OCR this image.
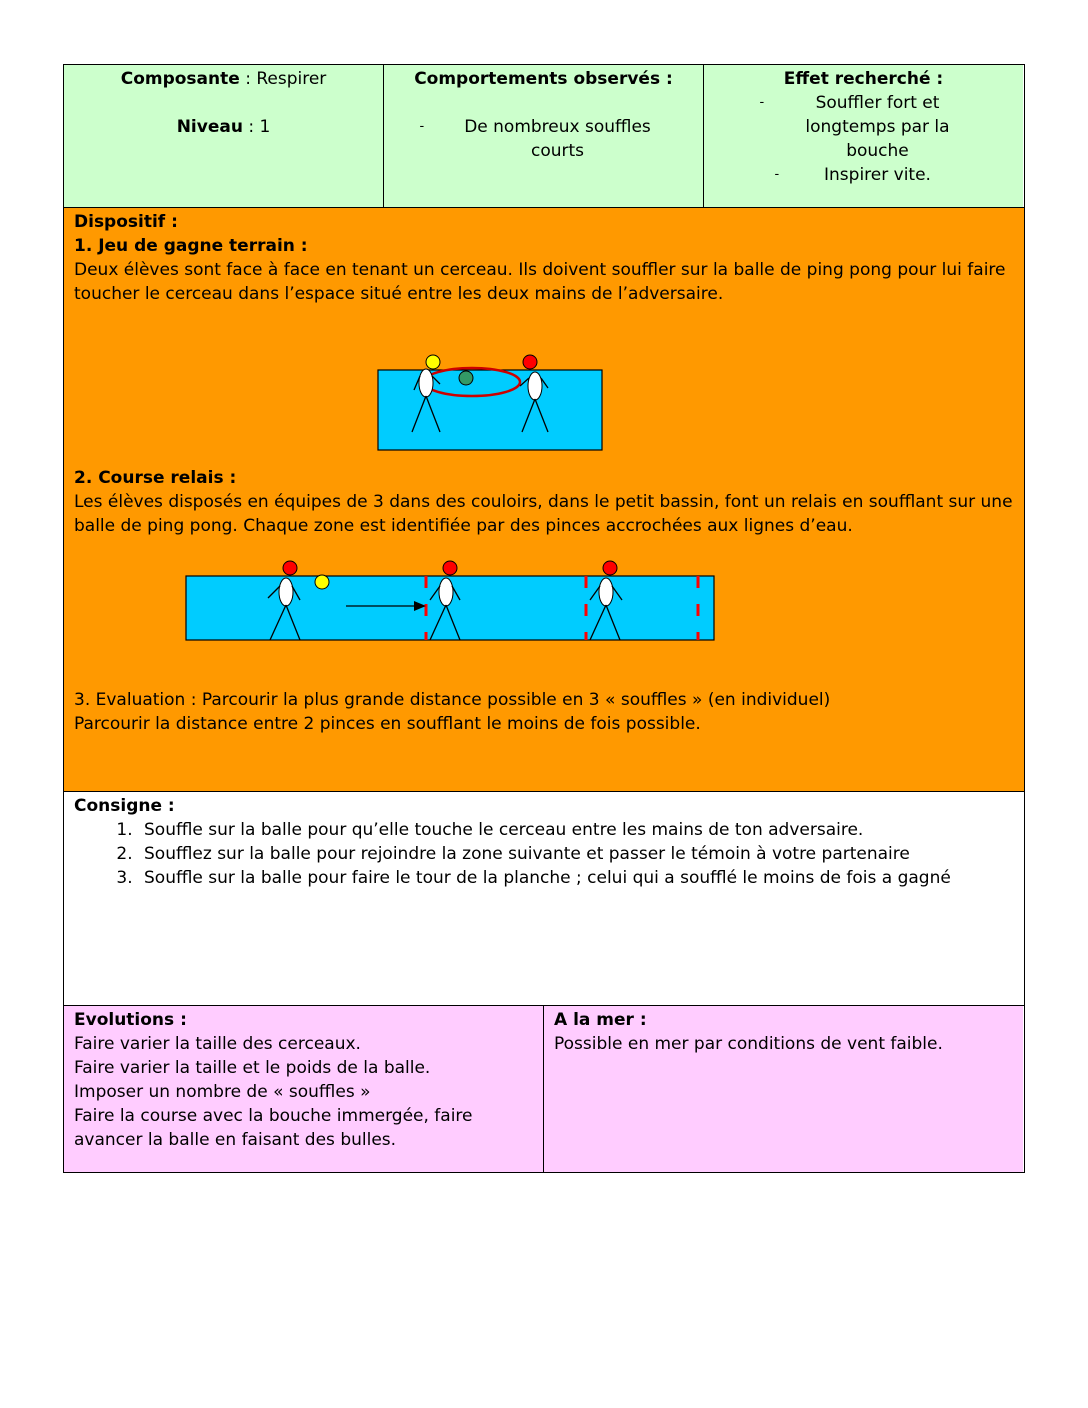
Composante : Respirer
Niveau : 1
Comportements observés :
-	De nombreux souffles courts
Effet recherché :
-	Souffler fort et longtemps par la bouche
-	Inspirer vite.
Dispositif :
1. Jeu de gagne terrain :
Deux élèves sont face à face en tenant un cerceau. Ils doivent souffler sur la balle de ping pong pour lui faire toucher le cerceau dans l’espace situé entre les deux mains de l’adversaire.
2. Course relais :
Les élèves disposés en équipes de 3 dans des couloirs, dans le petit bassin, font un relais en soufflant sur une balle de ping pong. Chaque zone est identifiée par des pinces accrochées aux lignes d’eau.
3. Evaluation : Parcourir la plus grande distance possible en 3 « souffles » (en individuel)
Parcourir la distance entre 2 pinces en soufflant le moins de fois possible.
Consigne :
1. Souffle sur la balle pour qu’elle touche le cerceau entre les mains de ton adversaire.
2. Soufflez sur la balle pour rejoindre la zone suivante et passer le témoin à votre partenaire
3. Souffle sur la balle pour faire le tour de la planche ; celui qui a soufflé le moins de fois a gagné
Evolutions :
Faire varier la taille des cerceaux.
Faire varier la taille et le poids de la balle.
Imposer un nombre de « souffles »
Faire la course avec la bouche immergée, faire avancer la balle en faisant des bulles.
A la mer :
Possible en mer par conditions de vent faible.
